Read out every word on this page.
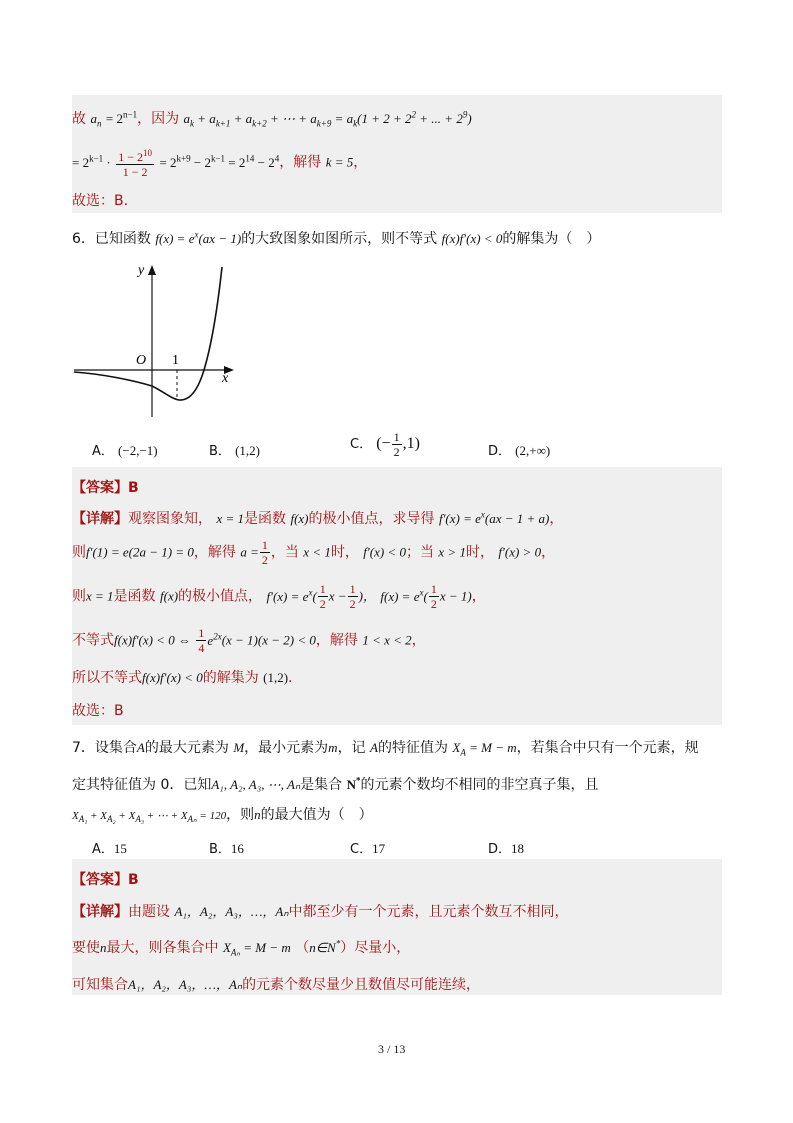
故 $a_n = 2^{n-1}$，因为 $a_k + a_{k+1} + a_{k+2}$ + ⋯ + $a_{k+9} = a_k(1 + 2 + 2^2$ + ... + $2^9$)
= $2^{k-1} \cdot \frac{1 - 2^{10}}{1 - 2} = 2^{k+9} - 2^{k-1} = 2^{14} - 2^4$，解得 k = 5，
故选：B.
6．已知函数 $f(x) = e^x(ax - 1)$的大致图象如图所示，则不等式 f(x)f′(x) < 0的解集为（　）
y
x
O 1
A． (−2,−1)	B． (1,2)	C． (− $\frac{1}{2} ,1$)	D． (2,+∞)
【答案】B
【详解】观察图象知， x = 1是函数 f(x)的极小值点，求导得 $f'(x) = e^x(ax - 1 + a)$，
则f′(1) = e(2a − 1) = 0，解得 $a = \frac{1}{2}$ ，当 x < 1时， f′(x) < 0；当 x > 1时， f′(x) > 0，
则x = 1是函数 f(x)的极小值点， $f'(x) = e^x( \frac{1}{2}$ $x - \frac{1}{2}$ )， $f(x) = e^x( \frac{1}{2}$ x − 1)，
不等式f(x)f′(x) < 0 ⇔ $\frac{1}{4} e^{2x}(x - 1)(x - 2) < 0$，解得 1 < x < 2，
所以不等式f(x)f′(x) < 0的解集为 (1,2).
故选：B
7．设集合A的最大元素为 M，最小元素为m，记 A的特征值为 $X_A = M - m$，若集合中只有一个元素，规
定其特征值为 0．已知A₁, A₂, A₃, ⋯, Aₙ是集合 N*的元素个数均不相同的非空真子集，且
$X_{A_1} + X_{A_2} + X_{A_3}$ + ⋯ + $X_{A_n} = 120$，则n的最大值为（　）
A．15	B．16	C．17	D．18
【答案】B
【详解】由题设 A₁，A₂，A₃，…，Aₙ中都至少有一个元素，且元素个数互不相同，
要使n最大，则各集合中 $X_{A_n} = M - m$ （n∈N*）尽量小，
可知集合A₁，A₂，A₃，…，Aₙ的元素个数尽量少且数值尽可能连续，
3 / 13
